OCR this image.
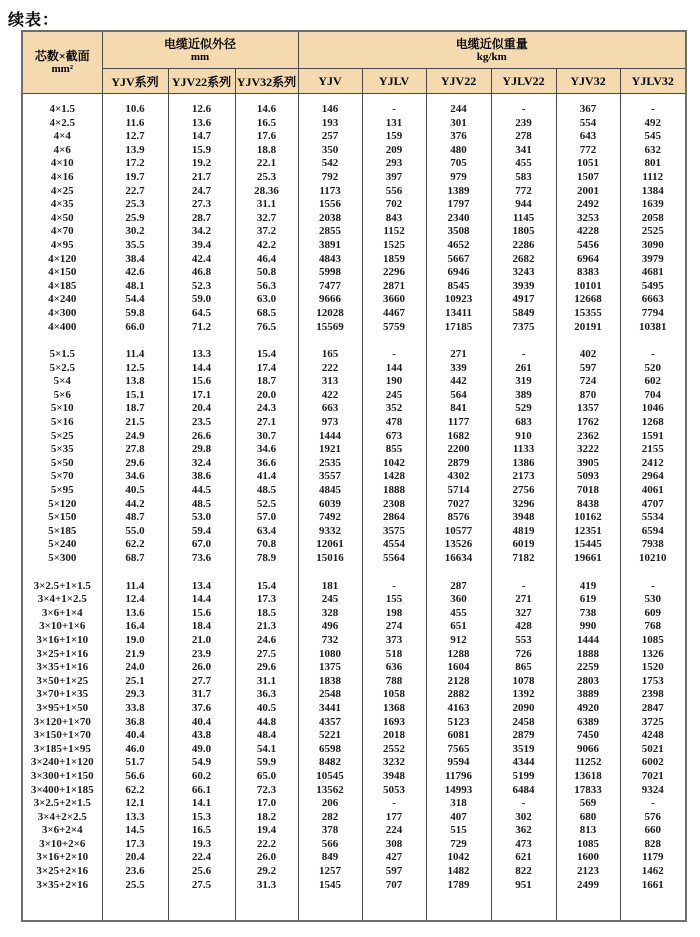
续表：
芯数×截面
mm²	电缆近似外径
mm			电缆近似重量
kg/km					

	YJV系列	YJV22系列	YJV32系列	YJV	YJLV	YJV22	YJLV22	YJV32	YJLV32

4×1.5	10.6	12.6	14.6	146	-	244	-	367	-
4×2.5	11.6	13.6	16.5	193	131	301	239	554	492
4×4	12.7	14.7	17.6	257	159	376	278	643	545
4×6	13.9	15.9	18.8	350	209	480	341	772	632
4×10	17.2	19.2	22.1	542	293	705	455	1051	801
4×16	19.7	21.7	25.3	792	397	979	583	1507	1112
4×25	22.7	24.7	28.36	1173	556	1389	772	2001	1384
4×35	25.3	27.3	31.1	1556	702	1797	944	2492	1639
4×50	25.9	28.7	32.7	2038	843	2340	1145	3253	2058
4×70	30.2	34.2	37.2	2855	1152	3508	1805	4228	2525
4×95	35.5	39.4	42.2	3891	1525	4652	2286	5456	3090
4×120	38.4	42.4	46.4	4843	1859	5667	2682	6964	3979
4×150	42.6	46.8	50.8	5998	2296	6946	3243	8383	4681
4×185	48.1	52.3	56.3	7477	2871	8545	3939	10101	5495
4×240	54.4	59.0	63.0	9666	3660	10923	4917	12668	6663
4×300	59.8	64.5	68.5	12028	4467	13411	5849	15355	7794
4×400	66.0	71.2	76.5	15569	5759	17185	7375	20191	10381

5×1.5	11.4	13.3	15.4	165	-	271	-	402	-
5×2.5	12.5	14.4	17.4	222	144	339	261	597	520
5×4	13.8	15.6	18.7	313	190	442	319	724	602
5×6	15.1	17.1	20.0	422	245	564	389	870	704
5×10	18.7	20.4	24.3	663	352	841	529	1357	1046
5×16	21.5	23.5	27.1	973	478	1177	683	1762	1268
5×25	24.9	26.6	30.7	1444	673	1682	910	2362	1591
5×35	27.8	29.8	34.6	1921	855	2200	1133	3222	2155
5×50	29.6	32.4	36.6	2535	1042	2879	1386	3905	2412
5×70	34.6	38.6	41.4	3557	1428	4302	2173	5093	2964
5×95	40.5	44.5	48.5	4845	1888	5714	2756	7018	4061
5×120	44.2	48.5	52.5	6039	2308	7027	3296	8438	4707
5×150	48.7	53.0	57.0	7492	2864	8576	3948	10162	5534
5×185	55.0	59.4	63.4	9332	3575	10577	4819	12351	6594
5×240	62.2	67.0	70.8	12061	4554	13526	6019	15445	7938
5×300	68.7	73.6	78.9	15016	5564	16634	7182	19661	10210

3×2.5+1×1.5	11.4	13.4	15.4	181	-	287	-	419	-
3×4+1×2.5	12.4	14.4	17.3	245	155	360	271	619	530
3×6+1×4	13.6	15.6	18.5	328	198	455	327	738	609
3×10+1×6	16.4	18.4	21.3	496	274	651	428	990	768
3×16+1×10	19.0	21.0	24.6	732	373	912	553	1444	1085
3×25+1×16	21.9	23.9	27.5	1080	518	1288	726	1888	1326
3×35+1×16	24.0	26.0	29.6	1375	636	1604	865	2259	1520
3×50+1×25	25.1	27.7	31.1	1838	788	2128	1078	2803	1753
3×70+1×35	29.3	31.7	36.3	2548	1058	2882	1392	3889	2398
3×95+1×50	33.8	37.6	40.5	3441	1368	4163	2090	4920	2847
3×120+1×70	36.8	40.4	44.8	4357	1693	5123	2458	6389	3725
3×150+1×70	40.4	43.8	48.4	5221	2018	6081	2879	7450	4248
3×185+1×95	46.0	49.0	54.1	6598	2552	7565	3519	9066	5021
3×240+1×120	51.7	54.9	59.9	8482	3232	9594	4344	11252	6002
3×300+1×150	56.6	60.2	65.0	10545	3948	11796	5199	13618	7021
3×400+1×185	62.2	66.1	72.3	13562	5053	14993	6484	17833	9324
3×2.5+2×1.5	12.1	14.1	17.0	206	-	318	-	569	-
3×4+2×2.5	13.3	15.3	18.2	282	177	407	302	680	576
3×6+2×4	14.5	16.5	19.4	378	224	515	362	813	660
3×10+2×6	17.3	19.3	22.2	566	308	729	473	1085	828
3×16+2×10	20.4	22.4	26.0	849	427	1042	621	1600	1179
3×25+2×16	23.6	25.6	29.2	1257	597	1482	822	2123	1462
3×35+2×16	25.5	27.5	31.3	1545	707	1789	951	2499	1661
